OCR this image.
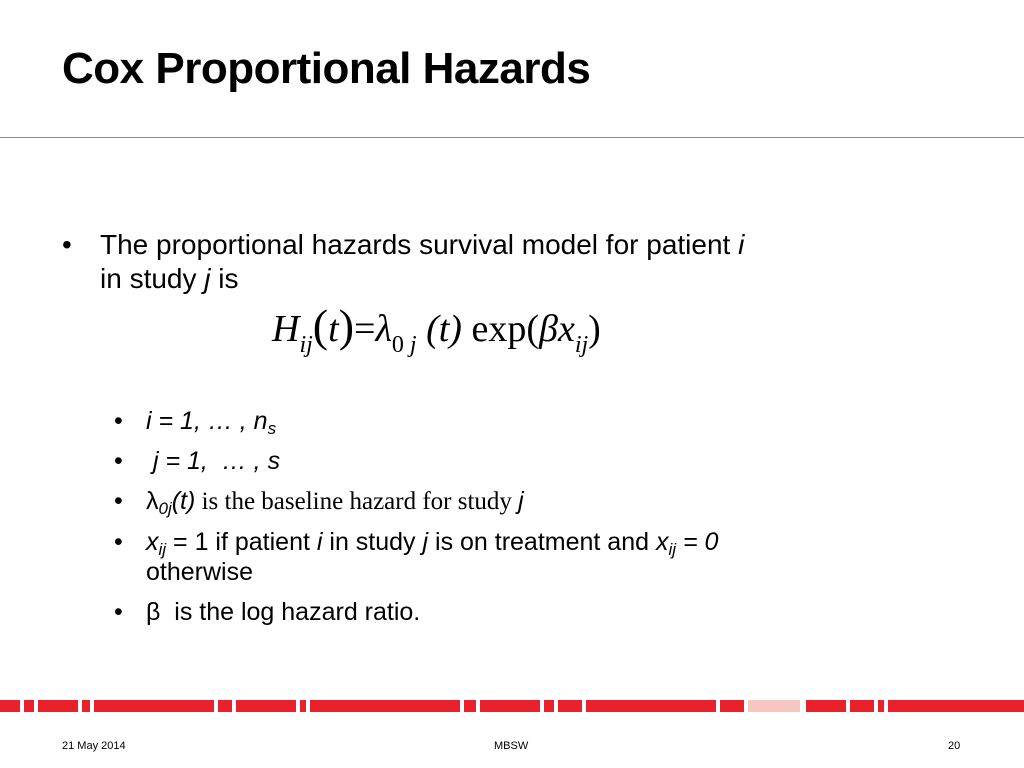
Cox Proportional Hazards
• The proportional hazards survival model for patient i
in study j is
$H_{ij}(t)=\lambda_{0 j}$ (t) $\exp(\beta x_{ij})$
• i = 1, … , $n_s$
• j = 1,  … , s
• $\lambda_{0j}(t)$ is the baseline hazard for study j
• $x_{ij} = 1$ if patient i in study j is on treatment and $x_{ij} = 0$
otherwise
• β  is the log hazard ratio.
21 May 2014	MBSW	20
